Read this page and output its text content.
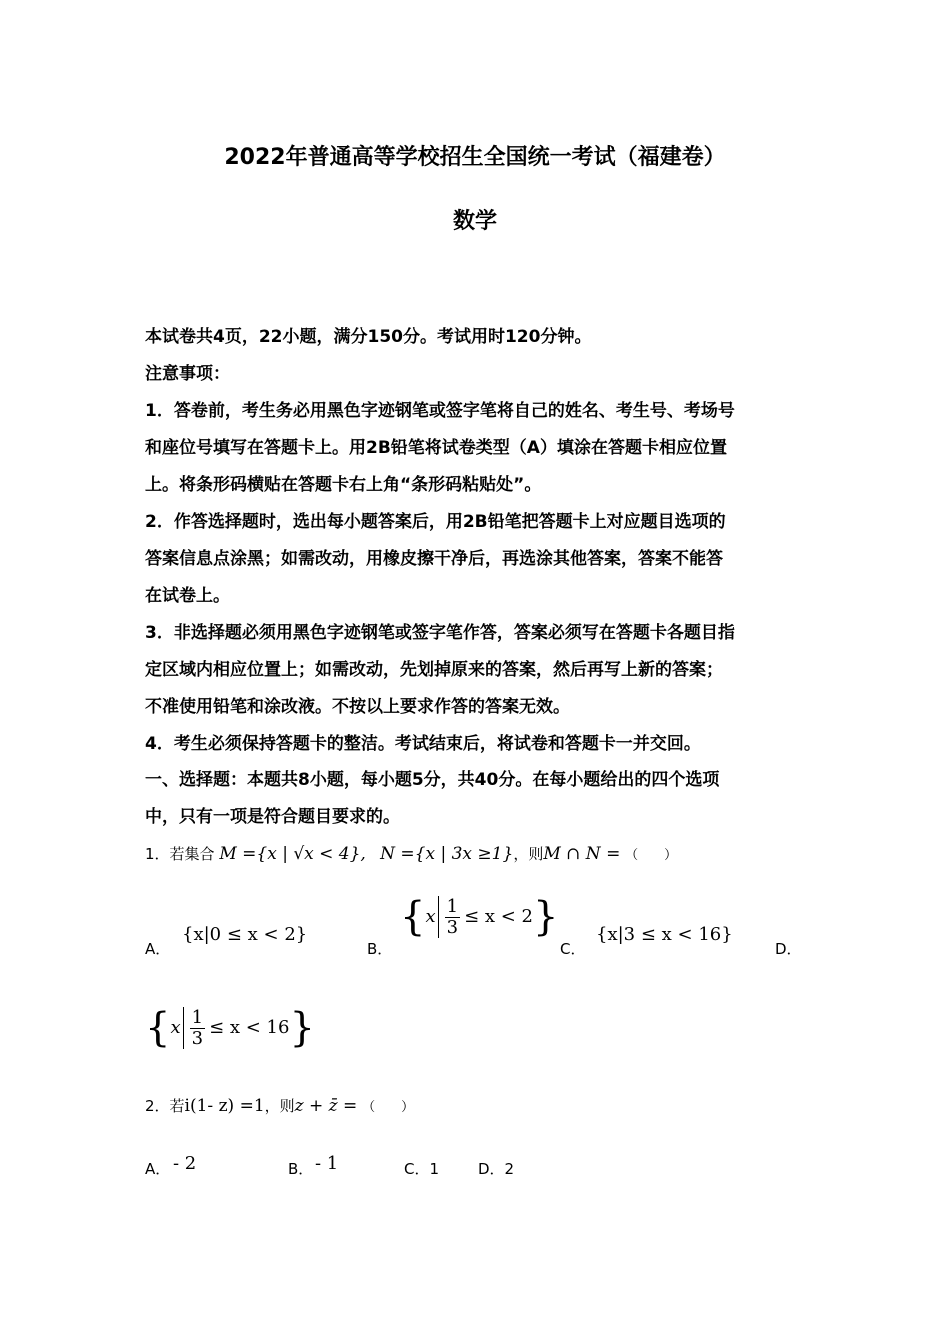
2022年普通高等学校招生全国统一考试（福建卷）
数学
本试卷共4页，22小题，满分150分。考试用时120分钟。
注意事项：
1．答卷前，考生务必用黑色字迹钢笔或签字笔将自己的姓名、考生号、考场号
和座位号填写在答题卡上。用2B铅笔将试卷类型（A）填涂在答题卡相应位置
上。将条形码横贴在答题卡右上角“条形码粘贴处”。
2．作答选择题时，选出每小题答案后，用2B铅笔把答题卡上对应题目选项的
答案信息点涂黑；如需改动，用橡皮擦干净后，再选涂其他答案，答案不能答
在试卷上。
3．非选择题必须用黑色字迹钢笔或签字笔作答，答案必须写在答题卡各题目指
定区域内相应位置上；如需改动，先划掉原来的答案，然后再写上新的答案；
不准使用铅笔和涂改液。不按以上要求作答的答案无效。
4．考生必须保持答题卡的整洁。考试结束后，将试卷和答题卡一并交回。
一、选择题：本题共8小题，每小题5分，共40分。在每小题给出的四个选项
中，只有一项是符合题目要求的。
1．若集合 M ={x | √x < 4}, N ={x | 3x ≥1}，则M ∩ N = （　　）
A．
{x|0 ≤ x < 2}
B．
$\{x \frac{1}{3} \le x < 2\}$
C．
{x|3 ≤ x < 16}
D．
$\{x \frac{1}{3} \le x < 16\}$
2．若i(1- z) =1，则z + z̄ = （　　）
A． - 2	B． - 1	C．1	D．2
